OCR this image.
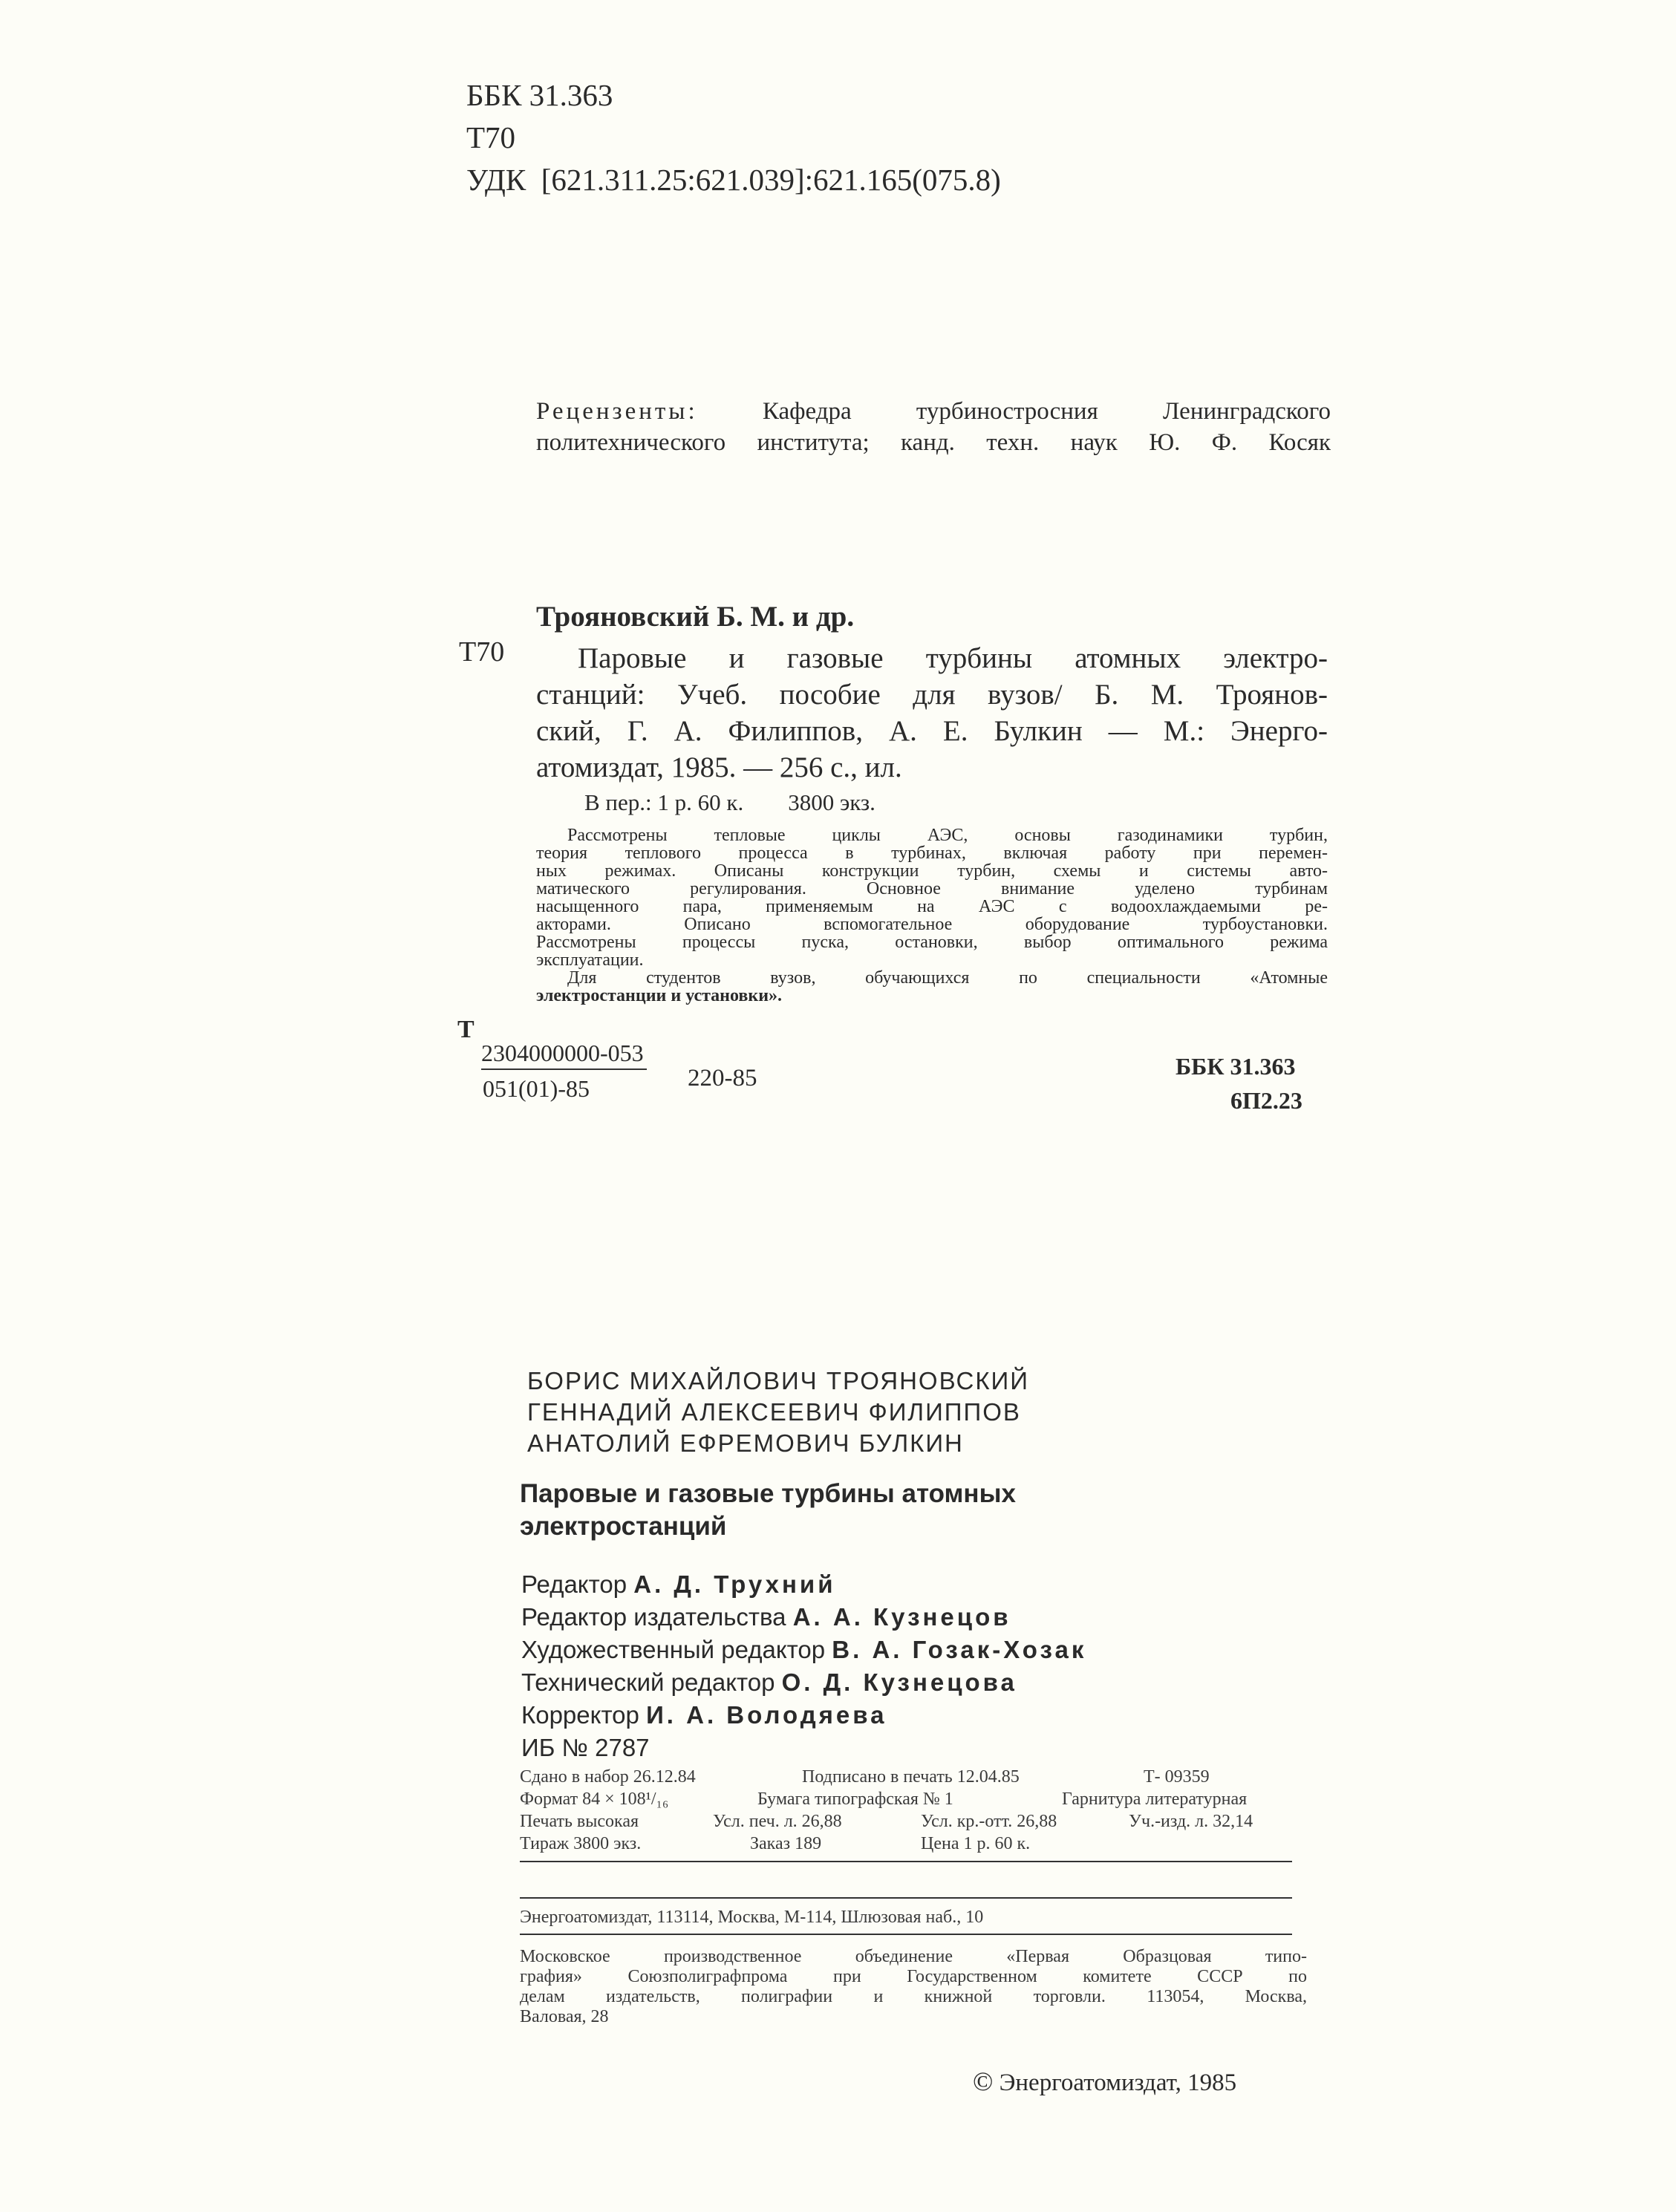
ББК 31.363
Т70
УДК [621.311.25:621.039]:621.165(075.8)
Рецензенты:	Кафедра турбиностросния Ленинградского
политехнического института; канд. техн. наук Ю. Ф. Косяк
Трояновский Б. М. и др.
Т70	Паровые и газовые турбины атомных электро-
станций: Учеб. пособие для вузов/ Б. М. Троянов-
ский, Г. А. Филиппов, А. Е. Булкин — М.: Энерго-
атомиздат, 1985. — 256 с., ил.
В пер.: 1 р. 60 к. 3800 экз.
Рассмотрены тепловые циклы АЭС, основы газодинамики турбин,
теория теплового процесса в турбинах, включая работу при перемен-
ных режимах. Описаны конструкции турбин, схемы и системы авто-
матического регулирования. Основное внимание уделено турбинам
насыщенного пара, применяемым на АЭС с водоохлаждаемыми ре-
акторами. Описано вспомогательное оборудование турбоустановки.
Рассмотрены процессы пуска, остановки, выбор оптимального режима
эксплуатации.
Для студентов вузов, обучающихся по специальности «Атомные
электростанции и установки».
Т
2304000000-053
051(01)-85	220-85	ББК 31.363
6П2.23
БОРИС МИХАЙЛОВИЧ ТРОЯНОВСКИЙ
ГЕННАДИЙ АЛЕКСЕЕВИЧ ФИЛИППОВ
АНАТОЛИЙ ЕФРЕМОВИЧ БУЛКИН
Паровые и газовые турбины атомных
электростанций
Редактор А. Д. Трухний
Редактор издательства А. А. Кузнецов
Художественный редактор В. А. Гозак-Хозак
Технический редактор О. Д. Кузнецова
Корректор И. А. Володяева
ИБ № 2787
Сдано в набор 26.12.84	Подписано в печать 12.04.85	Т- 09359
Формат 84 × 108¹/₁₆	Бумага типографская № 1	Гарнитура литературная
Печать высокая	Усл. печ. л. 26,88	Усл. кр.-отт. 26,88	Уч.-изд. л. 32,14
Тираж 3800 экз.	Заказ 189	Цена 1 р. 60 к.
Энергоатомиздат, 113114, Москва, М-114, Шлюзовая наб., 10
Московское производственное объединение «Первая Образцовая типо-
графия» Союзполиграфпрома при Государственном комитете СССР по
делам издательств, полиграфии и книжной торговли. 113054, Москва,
Валовая, 28
© Энергоатомиздат, 1985
